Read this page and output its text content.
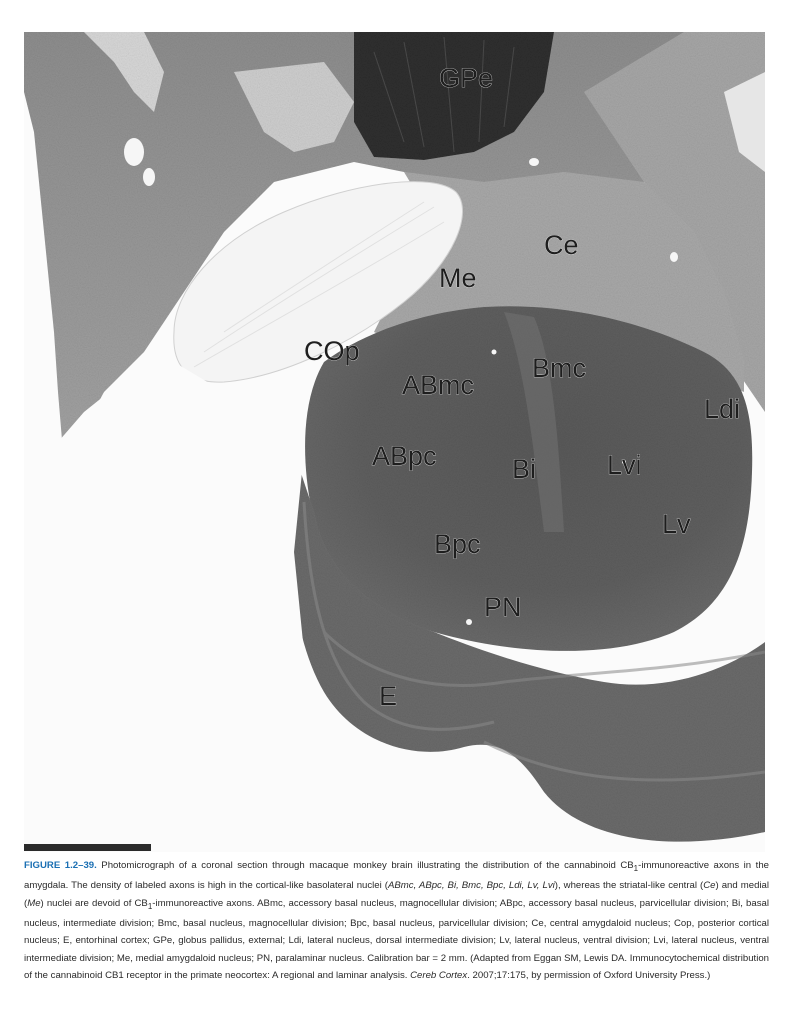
GPe
Ce
Me
COp
ABmc
Bmc
Ldi
ABpc	Bi	Lvi
Lv
Bpc
PN
E
FIGURE 1.2–39. Photomicrograph of a coronal section through macaque monkey brain illustrating the distribution of the cannabinoid $CB_1$-immunoreactive axons in the amygdala. The density of labeled axons is high in the cortical-like basolateral nuclei (ABmc, ABpc, Bi, Bmc, Bpc, Ldi, Lv, Lvi), whereas the striatal-like central (Ce) and medial (Me) nuclei are devoid of $CB_1$-immunoreactive axons. ABmc, accessory basal nucleus, magnocellular division; ABpc, accessory basal nucleus, parvicellular division; Bi, basal nucleus, intermediate division; Bmc, basal nucleus, magnocellular division; Bpc, basal nucleus, parvicellular division; Ce, central amygdaloid nucleus; Cop, posterior cortical nucleus; E, entorhinal cortex; GPe, globus pallidus, external; Ldi, lateral nucleus, dorsal intermediate division; Lv, lateral nucleus, ventral division; Lvi, lateral nucleus, ventral intermediate division; Me, medial amygdaloid nucleus; PN, paralaminar nucleus. Calibration bar = 2 mm. (Adapted from Eggan SM, Lewis DA. Immunocytochemical distribution of the cannabinoid CB1 receptor in the primate neocortex: A regional and laminar analysis. Cereb Cortex. 2007;17:175, by permission of Oxford University Press.)
